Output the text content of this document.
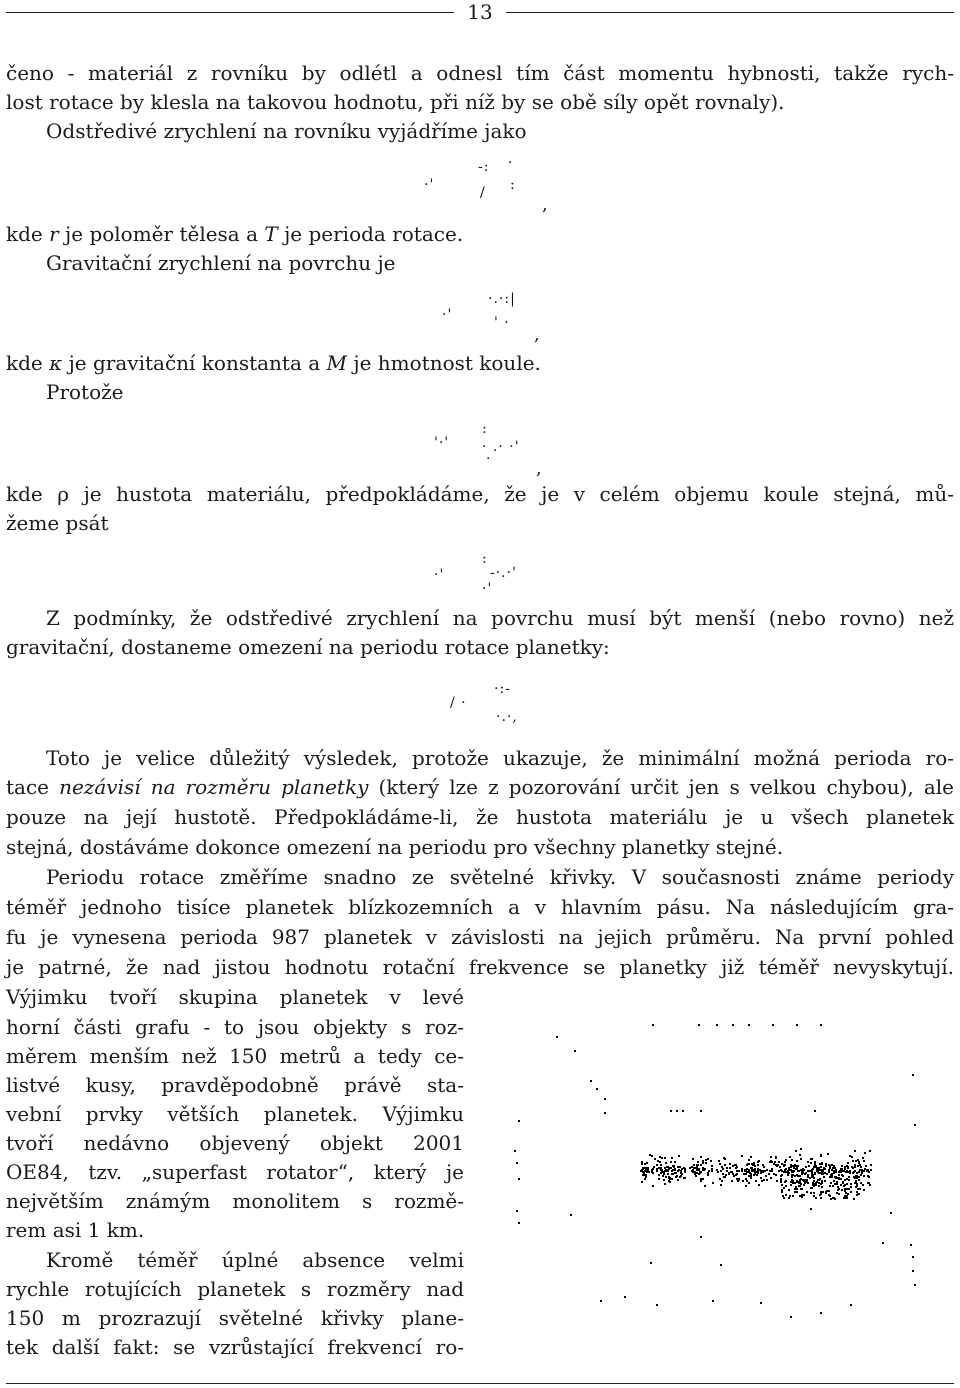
13
čeno - materiál z rovníku by odlétl a odnesl tím část momentu hybnosti, takže rych-
lost rotace by klesla na takovou hodnotu, při níž by se obě síly opět rovnaly).
Odstředivé zrychlení na rovníku vyjádříme jako
·'
-: ·
/ :
,
kde r je poloměr tělesa a T je perioda rotace.
Gravitační zrychlení na povrchu je
·.·:|
·'	' ·
,
kde κ je gravitační konstanta a M je hmotnost koule.
Protože
'·'
:
· .· ·'
· ,
kde ρ je hustota materiálu, předpokládáme, že je v celém objemu koule stejná, mů-
žeme psát
·'
:
-·.·'
·'
Z podmínky, že odstředivé zrychlení na povrchu musí být menší (nebo rovno) než
gravitační, dostaneme omezení na periodu rotace planetky:
/ ·
·:-
·.·,
Toto je velice důležitý výsledek, protože ukazuje, že minimální možná perioda ro-
tace nezávisí na rozměru planetky (který lze z pozorování určit jen s velkou chybou), ale
pouze na její hustotě. Předpokládáme-li, že hustota materiálu je u všech planetek
stejná, dostáváme dokonce omezení na periodu pro všechny planetky stejné.
Periodu rotace změříme snadno ze světelné křivky. V současnosti známe periody
téměř jednoho tisíce planetek blízkozemních a v hlavním pásu. Na následujícím gra-
fu je vynesena perioda 987 planetek v závislosti na jejich průměru. Na první pohled
je patrné, že nad jistou hodnotu rotační frekvence se planetky již téměř nevyskytují.
Výjimku tvoří skupina planetek v levé
horní části grafu - to jsou objekty s roz-
měrem menším než 150 metrů a tedy ce-
listvé kusy, pravděpodobně právě sta-
vební prvky větších planetek. Výjimku
tvoří nedávno objevený objekt 2001
OE84, tzv. „superfast rotator“, který je
největším známým monolitem s rozmě-
rem asi 1 km.
Kromě téměř úplné absence velmi
rychle rotujících planetek s rozměry nad
150 m prozrazují světelné křivky plane-
tek další fakt: se vzrůstající frekvencí ro-
